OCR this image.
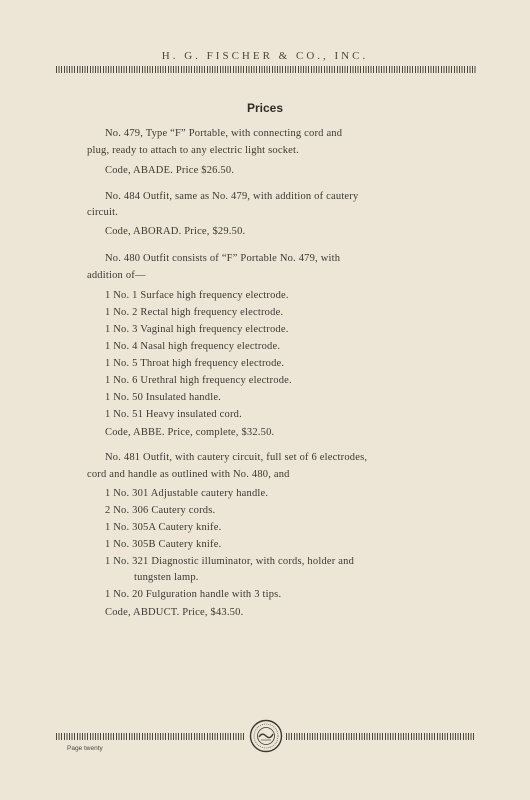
H. G. FISCHER & CO., INC.
Prices
No. 479, Type “F” Portable, with connecting cord and
plug, ready to attach to any electric light socket.
Code, ABADE. Price $26.50.
No. 484 Outfit, same as No. 479, with addition of cautery
circuit.
Code, ABORAD. Price, $29.50.
No. 480 Outfit consists of “F” Portable No. 479, with
addition of—
1 No. 1 Surface high frequency electrode.
1 No. 2 Rectal high frequency electrode.
1 No. 3 Vaginal high frequency electrode.
1 No. 4 Nasal high frequency electrode.
1 No. 5 Throat high frequency electrode.
1 No. 6 Urethral high frequency electrode.
1 No. 50 Insulated handle.
1 No. 51 Heavy insulated cord.
Code, ABBE. Price, complete, $32.50.
No. 481 Outfit, with cautery circuit, full set of 6 electrodes,
cord and handle as outlined with No. 480, and
1 No. 301 Adjustable cautery handle.
2 No. 306 Cautery cords.
1 No. 305A Cautery knife.
1 No. 305B Cautery knife.
1 No. 321 Diagnostic illuminator, with cords, holder and
tungsten lamp.
1 No. 20 Fulguration handle with 3 tips.
Code, ABDUCT. Price, $43.50.
Page twenty
